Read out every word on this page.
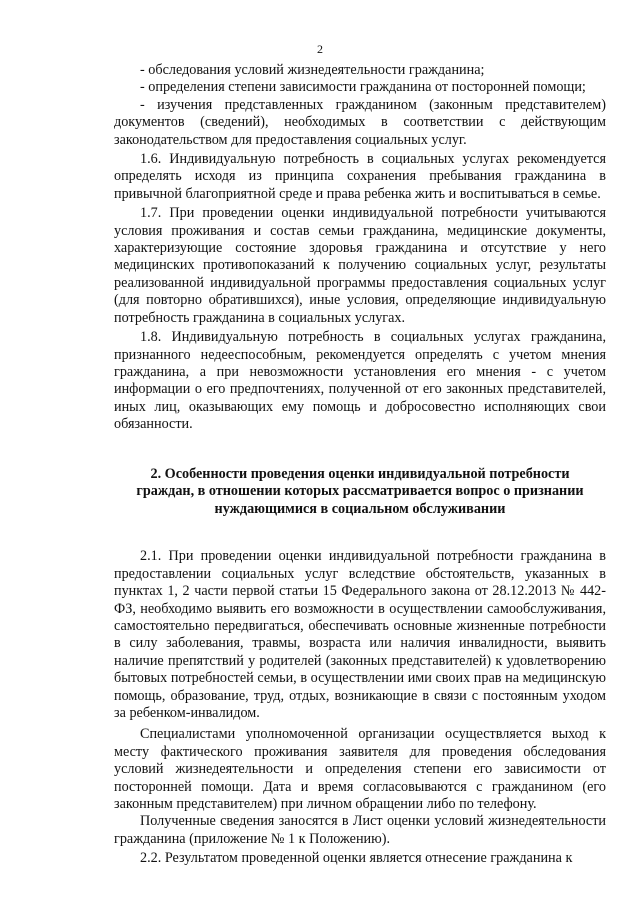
2

- обследования условий жизнедеятельности гражданина;

- определения степени зависимости гражданина от посторонней помощи;

- изучения представленных гражданином (законным представителем) документов (сведений), необходимых в соответствии с действующим законодательством для предоставления социальных услуг.

1.6. Индивидуальную потребность в социальных услугах рекомендуется определять исходя из принципа сохранения пребывания гражданина в привычной благоприятной среде и права ребенка жить и воспитываться в семье.

1.7. При проведении оценки индивидуальной потребности учитываются условия проживания и состав семьи гражданина, медицинские документы, характеризующие состояние здоровья гражданина и отсутствие у него медицинских противопоказаний к получению социальных услуг, результаты реализованной индивидуальной программы предоставления социальных услуг (для повторно обратившихся), иные условия, определяющие индивидуальную потребность гражданина в социальных услугах.

1.8. Индивидуальную потребность в социальных услугах гражданина, признанного недееспособным, рекомендуется определять с учетом мнения гражданина, а при невозможности установления его мнения - с учетом информации о его предпочтениях, полученной от его законных представителей, иных лиц, оказывающих ему помощь и добросовестно исполняющих свои обязанности.

2. Особенности проведения оценки индивидуальной потребности
граждан, в отношении которых рассматривается вопрос о признании
нуждающимися в социальном обслуживании

2.1. При проведении оценки индивидуальной потребности гражданина в предоставлении социальных услуг вследствие обстоятельств, указанных в пунктах 1, 2 части первой статьи 15 Федерального закона от 28.12.2013 № 442-ФЗ, необходимо выявить его возможности в осуществлении самообслуживания, самостоятельно передвигаться, обеспечивать основные жизненные потребности в силу заболевания, травмы, возраста или наличия инвалидности, выявить наличие препятствий у родителей (законных представителей) к удовлетворению бытовых потребностей семьи, в осуществлении ими своих прав на медицинскую помощь, образование, труд, отдых, возникающие в связи с постоянным уходом за ребенком-инвалидом.

Специалистами уполномоченной организации осуществляется выход к месту фактического проживания заявителя для проведения обследования условий жизнедеятельности и определения степени его зависимости от посторонней помощи. Дата и время согласовываются с гражданином (его законным представителем) при личном обращении либо по телефону.

Полученные сведения заносятся в Лист оценки условий жизнедеятельности гражданина (приложение № 1 к Положению).

2.2. Результатом проведенной оценки является отнесение гражданина к
